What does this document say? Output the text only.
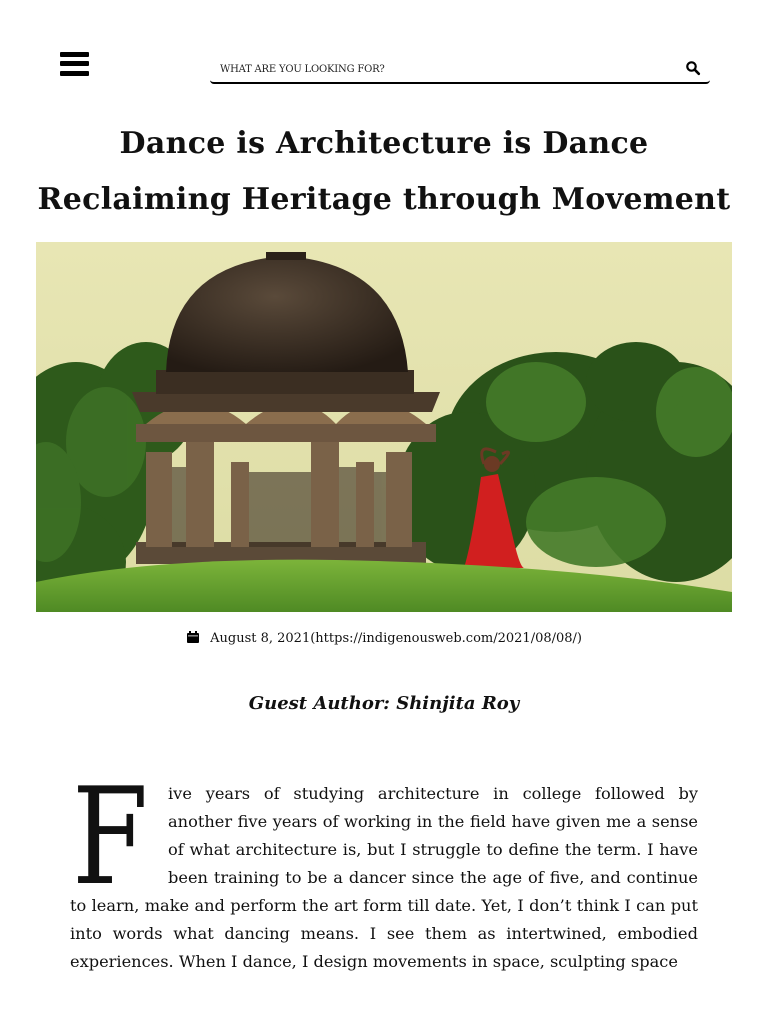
WHAT ARE YOU LOOKING FOR?
Dance is Architecture is Dance
Reclaiming Heritage through Movement
August 8, 2021(https://indigenousweb.com/2021/08/08/)
Guest Author: Shinjita Roy

F ive years of studying architecture in college followed by another five years of working in the field have given me a sense of what architecture is, but I struggle to define the term. I have been training to be a dancer since the age of five, and continue to learn, make and perform the art form till date. Yet, I don’t think I can put into words what dancing means. I see them as intertwined, embodied experiences. When I dance, I design movements in space, sculpting space
